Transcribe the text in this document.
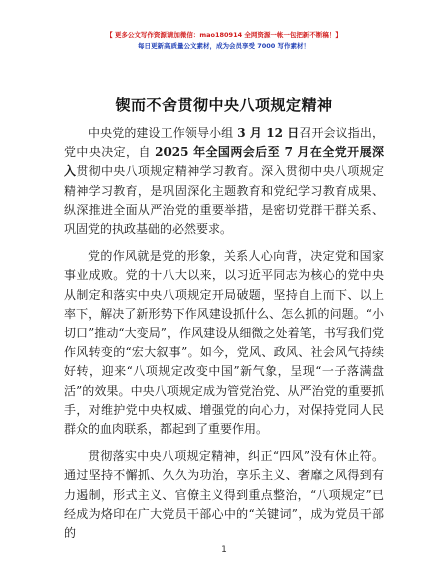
【 更多公文写作资源请加微信：mao180914 全网资源一帐一包把新不断稿！】
每日更新高质量公文素材，成为会员享受 7000 写作素材！
锲而不舍贯彻中央八项规定精神

中央党的建设工作领导小组 3 月 12 日召开会议指出，党中央决定，自 2025 年全国两会后至 7 月在全党开展深入贯彻中央八项规定精神学习教育。深入贯彻中央八项规定精神学习教育，是巩固深化主题教育和党纪学习教育成果、纵深推进全面从严治党的重要举措，是密切党群干群关系、巩固党的执政基础的必然要求。

党的作风就是党的形象，关系人心向背，决定党和国家事业成败。党的十八大以来，以习近平同志为核心的党中央从制定和落实中央八项规定开局破题，坚持自上而下、以上率下，解决了新形势下作风建设抓什么、怎么抓的问题。“小切口”推动“大变局”，作风建设从细微之处着笔，书写我们党作风转变的“宏大叙事”。如今，党风、政风、社会风气持续好转，迎来“八项规定改变中国”新气象，呈现“一子落满盘活”的效果。中央八项规定成为管党治党、从严治党的重要抓手，对维护党中央权威、增强党的向心力，对保持党同人民群众的血肉联系，都起到了重要作用。

贯彻落实中央八项规定精神，纠正“四风”没有休止符。通过坚持不懈抓、久久为功治，享乐主义、奢靡之风得到有力遏制，形式主义、官僚主义得到重点整治，“八项规定”已经成为烙印在广大党员干部心中的“关键词”，成为党员干部的

1
